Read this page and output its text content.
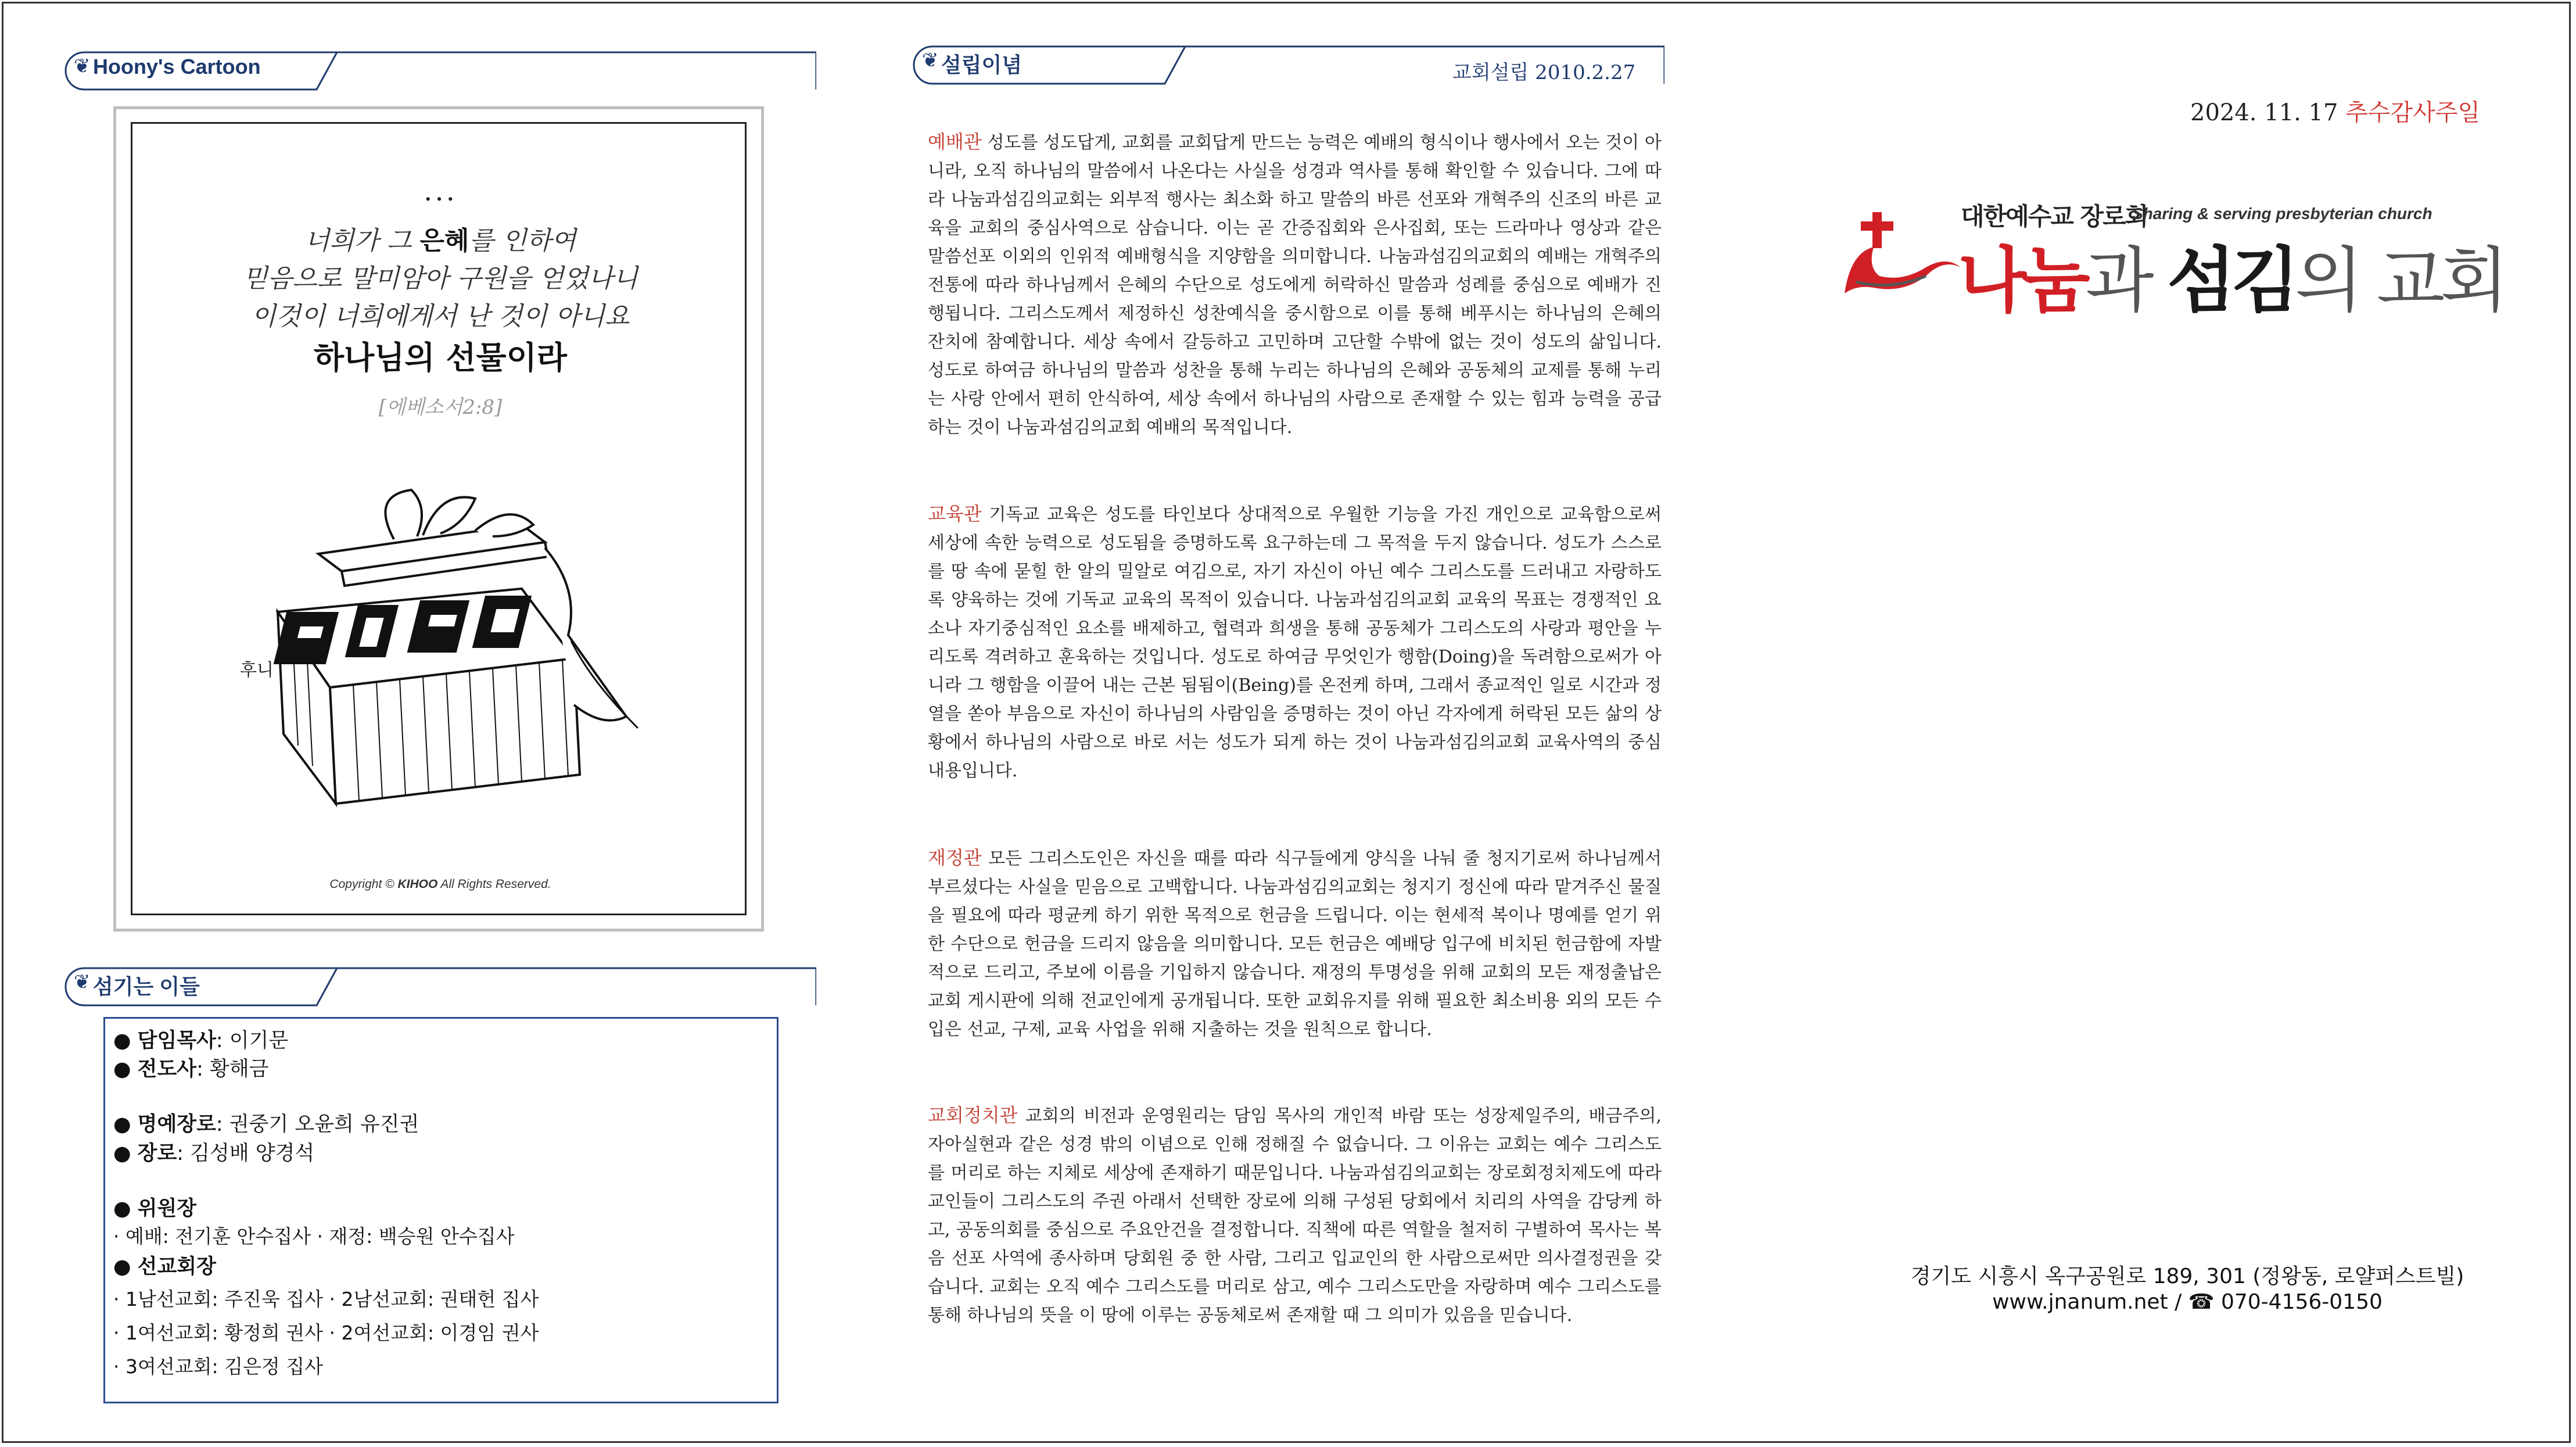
❦ Hoony's Cartoon
...
너희가 그 은혜를 인하여
믿음으로 말미암아 구원을 얻었나니
이것이 너희에게서 난 것이 아니요
하나님의 선물이라
[에베소서2:8]
후니
Copyright © KIHOO All Rights Reserved.
❦ 섬기는 이들
● 담임목사: 이기문
● 전도사: 황해금
● 명예장로: 권중기 오윤희 유진권
● 장로: 김성배 양경석
● 위원장
· 예배: 전기훈 안수집사 · 재정: 백승원 안수집사
● 선교회장
· 1남선교회: 주진욱 집사 · 2남선교회: 권태헌 집사
· 1여선교회: 황정희 권사 · 2여선교회: 이경임 권사
· 3여선교회: 김은정 집사
❦ 설립이념	교회설립 2010.2.27
예배관 성도를 성도답게, 교회를 교회답게 만드는 능력은 예배의 형식이나 행사에서 오는 것이 아니라, 오직 하나님의 말씀에서 나온다는 사실을 성경과 역사를 통해 확인할 수 있습니다. 그에 따라 나눔과섬김의교회는 외부적 행사는 최소화 하고 말씀의 바른 선포와 개혁주의 신조의 바른 교육을 교회의 중심사역으로 삼습니다. 이는 곧 간증집회와 은사집회, 또는 드라마나 영상과 같은 말씀선포 이외의 인위적 예배형식을 지양함을 의미합니다. 나눔과섬김의교회의 예배는 개혁주의 전통에 따라 하나님께서 은혜의 수단으로 성도에게 허락하신 말씀과 성례를 중심으로 예배가 진행됩니다. 그리스도께서 제정하신 성찬예식을 중시함으로 이를 통해 베푸시는 하나님의 은혜의 잔치에 참예합니다. 세상 속에서 갈등하고 고민하며 고단할 수밖에 없는 것이 성도의 삶입니다. 성도로 하여금 하나님의 말씀과 성찬을 통해 누리는 하나님의 은혜와 공동체의 교제를 통해 누리는 사랑 안에서 편히 안식하여, 세상 속에서 하나님의 사람으로 존재할 수 있는 힘과 능력을 공급하는 것이 나눔과섬김의교회 예배의 목적입니다.
교육관 기독교 교육은 성도를 타인보다 상대적으로 우월한 기능을 가진 개인으로 교육함으로써 세상에 속한 능력으로 성도됨을 증명하도록 요구하는데 그 목적을 두지 않습니다. 성도가 스스로를 땅 속에 묻힐 한 알의 밀알로 여김으로, 자기 자신이 아닌 예수 그리스도를 드러내고 자랑하도록 양육하는 것에 기독교 교육의 목적이 있습니다. 나눔과섬김의교회 교육의 목표는 경쟁적인 요소나 자기중심적인 요소를 배제하고, 협력과 희생을 통해 공동체가 그리스도의 사랑과 평안을 누리도록 격려하고 훈육하는 것입니다. 성도로 하여금 무엇인가 행함(Doing)을 독려함으로써가 아니라 그 행함을 이끌어 내는 근본 됨됨이(Being)를 온전케 하며, 그래서 종교적인 일로 시간과 정열을 쏟아 부음으로 자신이 하나님의 사람임을 증명하는 것이 아닌 각자에게 허락된 모든 삶의 상황에서 하나님의 사람으로 바로 서는 성도가 되게 하는 것이 나눔과섬김의교회 교육사역의 중심 내용입니다.
재정관 모든 그리스도인은 자신을 때를 따라 식구들에게 양식을 나눠 줄 청지기로써 하나님께서 부르셨다는 사실을 믿음으로 고백합니다. 나눔과섬김의교회는 청지기 정신에 따라 맡겨주신 물질을 필요에 따라 평균케 하기 위한 목적으로 헌금을 드립니다. 이는 현세적 복이나 명예를 얻기 위한 수단으로 헌금을 드리지 않음을 의미합니다. 모든 헌금은 예배당 입구에 비치된 헌금함에 자발적으로 드리고, 주보에 이름을 기입하지 않습니다. 재정의 투명성을 위해 교회의 모든 재정출납은 교회 게시판에 의해 전교인에게 공개됩니다. 또한 교회유지를 위해 필요한 최소비용 외의 모든 수입은 선교, 구제, 교육 사업을 위해 지출하는 것을 원칙으로 합니다.
교회정치관 교회의 비전과 운영원리는 담임 목사의 개인적 바람 또는 성장제일주의, 배금주의, 자아실현과 같은 성경 밖의 이념으로 인해 정해질 수 없습니다. 그 이유는 교회는 예수 그리스도를 머리로 하는 지체로 세상에 존재하기 때문입니다. 나눔과섬김의교회는 장로회정치제도에 따라 교인들이 그리스도의 주권 아래서 선택한 장로에 의해 구성된 당회에서 치리의 사역을 감당케 하고, 공동의회를 중심으로 주요안건을 결정합니다. 직책에 따른 역할을 철저히 구별하여 목사는 복음 선포 사역에 종사하며 당회원 중 한 사람, 그리고 입교인의 한 사람으로써만 의사결정권을 갖습니다. 교회는 오직 예수 그리스도를 머리로 삼고, 예수 그리스도만을 자랑하며 예수 그리스도를 통해 하나님의 뜻을 이 땅에 이루는 공동체로써 존재할 때 그 의미가 있음을 믿습니다.
2024. 11. 17 추수감사주일
대한예수교 장로회
Sharing & serving presbyterian church
나눔과 섬김의 교회
경기도 시흥시 옥구공원로 189, 301 (정왕동, 로얄퍼스트빌)
www.jnanum.net / ☎ 070-4156-0150
